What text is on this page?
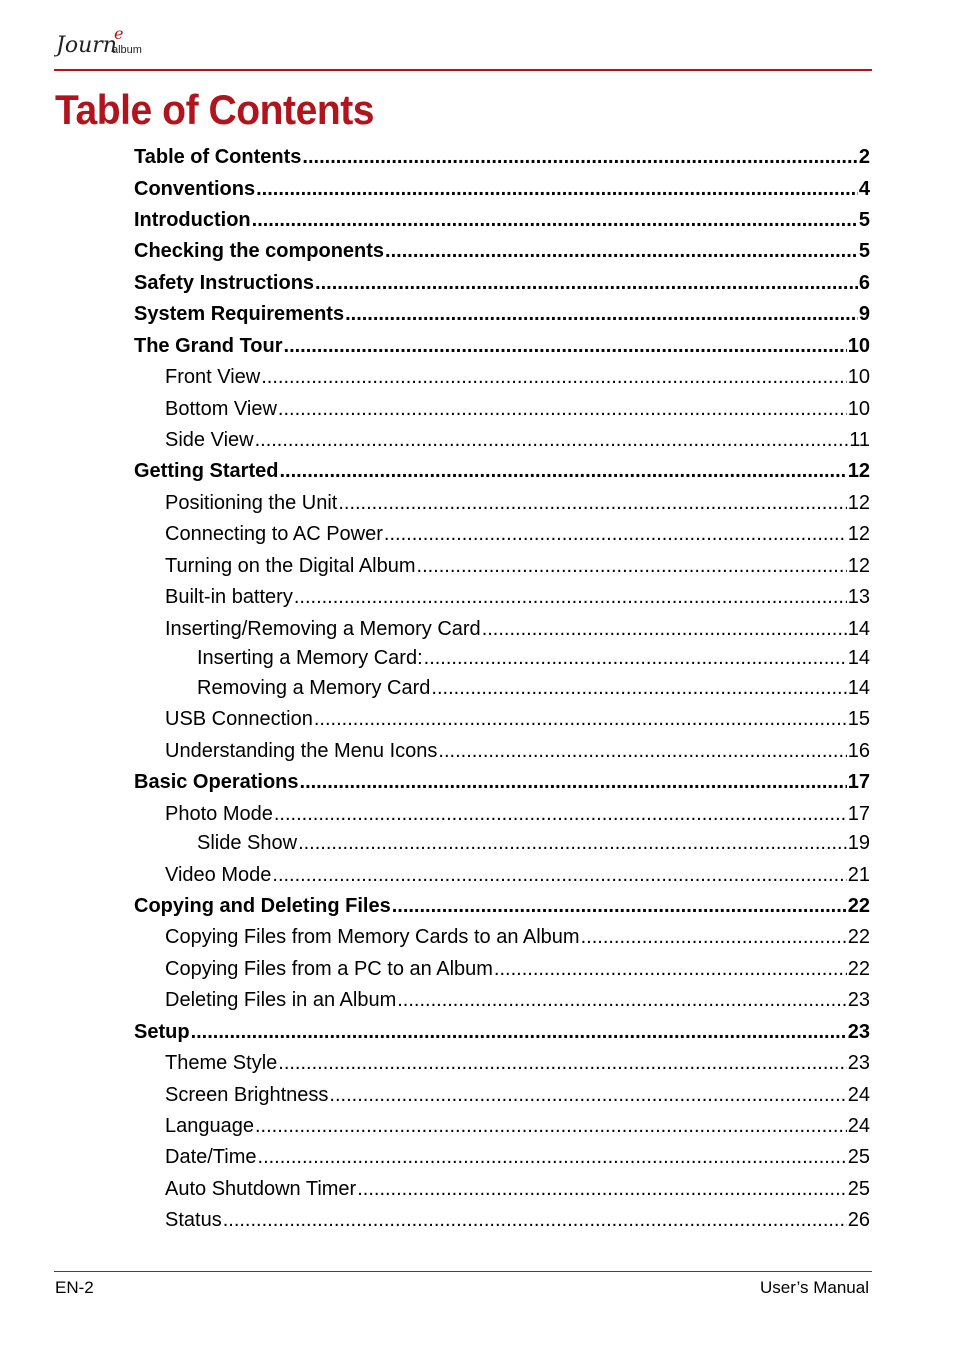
Journ
e
album
Table of Contents
Table of Contents .....	2
Conventions .....	4
Introduction .....	5
Checking the components .....	5
Safety Instructions .....	6
System Requirements .....	9
The Grand Tour .....	10
Front View .....	10
Bottom View .....	10
Side View .....	11
Getting Started .....	12
Positioning the Unit .....	12
Connecting to AC Power .....	12
Turning on the Digital Album .....	12
Built-in battery .....	13
Inserting/Removing a Memory Card .....	14
Inserting a Memory Card: .....	14
Removing a Memory Card .....	14
USB Connection .....	15
Understanding the Menu Icons .....	16
Basic Operations .....	17
Photo Mode .....	17
Slide Show .....	19
Video Mode .....	21
Copying and Deleting Files .....	22
Copying Files from Memory Cards to an Album .....	22
Copying Files from a PC to an Album .....	22
Deleting Files in an Album .....	23
Setup .....	23
Theme Style .....	23
Screen Brightness .....	24
Language .....	24
Date/Time .....	25
Auto Shutdown Timer .....	25
Status .....	26
EN-2	User’s Manual
